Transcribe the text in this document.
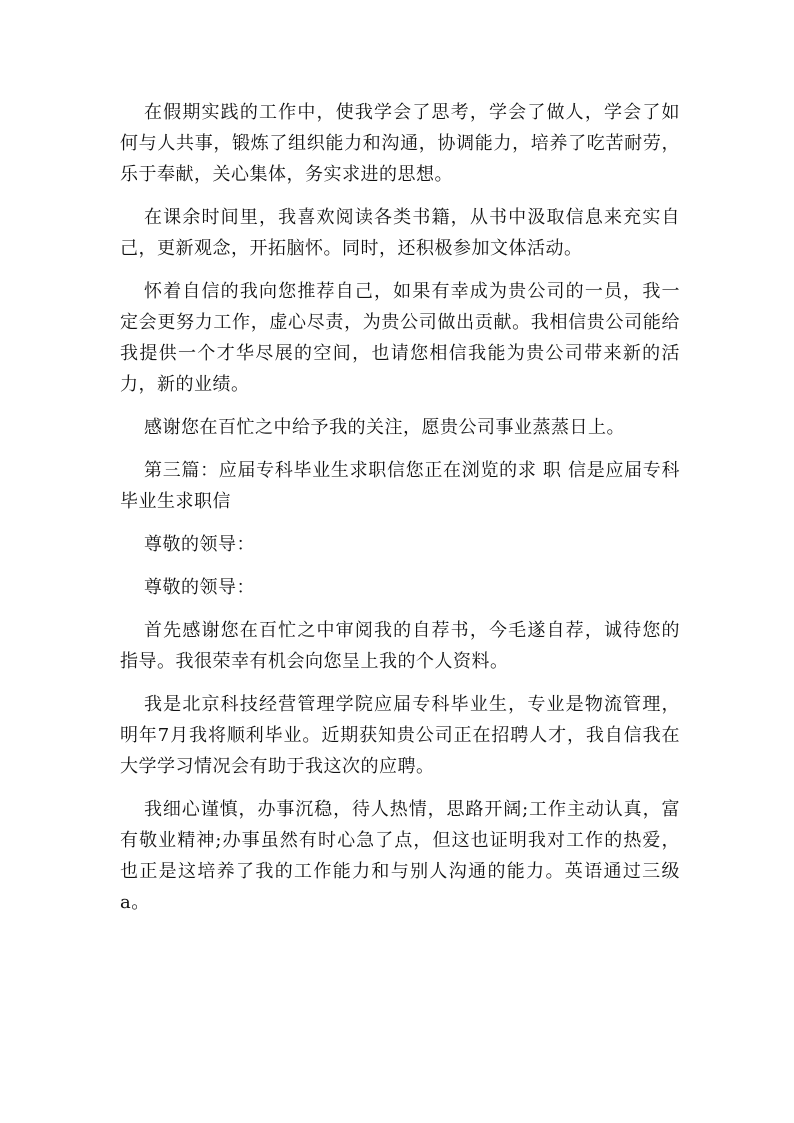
在假期实践的工作中，使我学会了思考，学会了做人，学会了如何与人共事，锻炼了组织能力和沟通，协调能力，培养了吃苦耐劳，乐于奉献，关心集体，务实求进的思想。

在课余时间里，我喜欢阅读各类书籍，从书中汲取信息来充实自己，更新观念，开拓脑怀。同时，还积极参加文体活动。

怀着自信的我向您推荐自己，如果有幸成为贵公司的一员，我一定会更努力工作，虚心尽责，为贵公司做出贡献。我相信贵公司能给我提供一个才华尽展的空间，也请您相信我能为贵公司带来新的活力，新的业绩。

感谢您在百忙之中给予我的关注，愿贵公司事业蒸蒸日上。

第三篇：应届专科毕业生求职信您正在浏览的求 职 信是应届专科毕业生求职信

尊敬的领导：

尊敬的领导：

首先感谢您在百忙之中审阅我的自荐书，今毛遂自荐，诚待您的指导。我很荣幸有机会向您呈上我的个人资料。

我是北京科技经营管理学院应届专科毕业生，专业是物流管理，明年7月我将顺利毕业。近期获知贵公司正在招聘人才，我自信我在大学学习情况会有助于我这次的应聘。

我细心谨慎，办事沉稳，待人热情，思路开阔;工作主动认真，富有敬业精神;办事虽然有时心急了点，但这也证明我对工作的热爱，也正是这培养了我的工作能力和与别人沟通的能力。英语通过三级 a。
